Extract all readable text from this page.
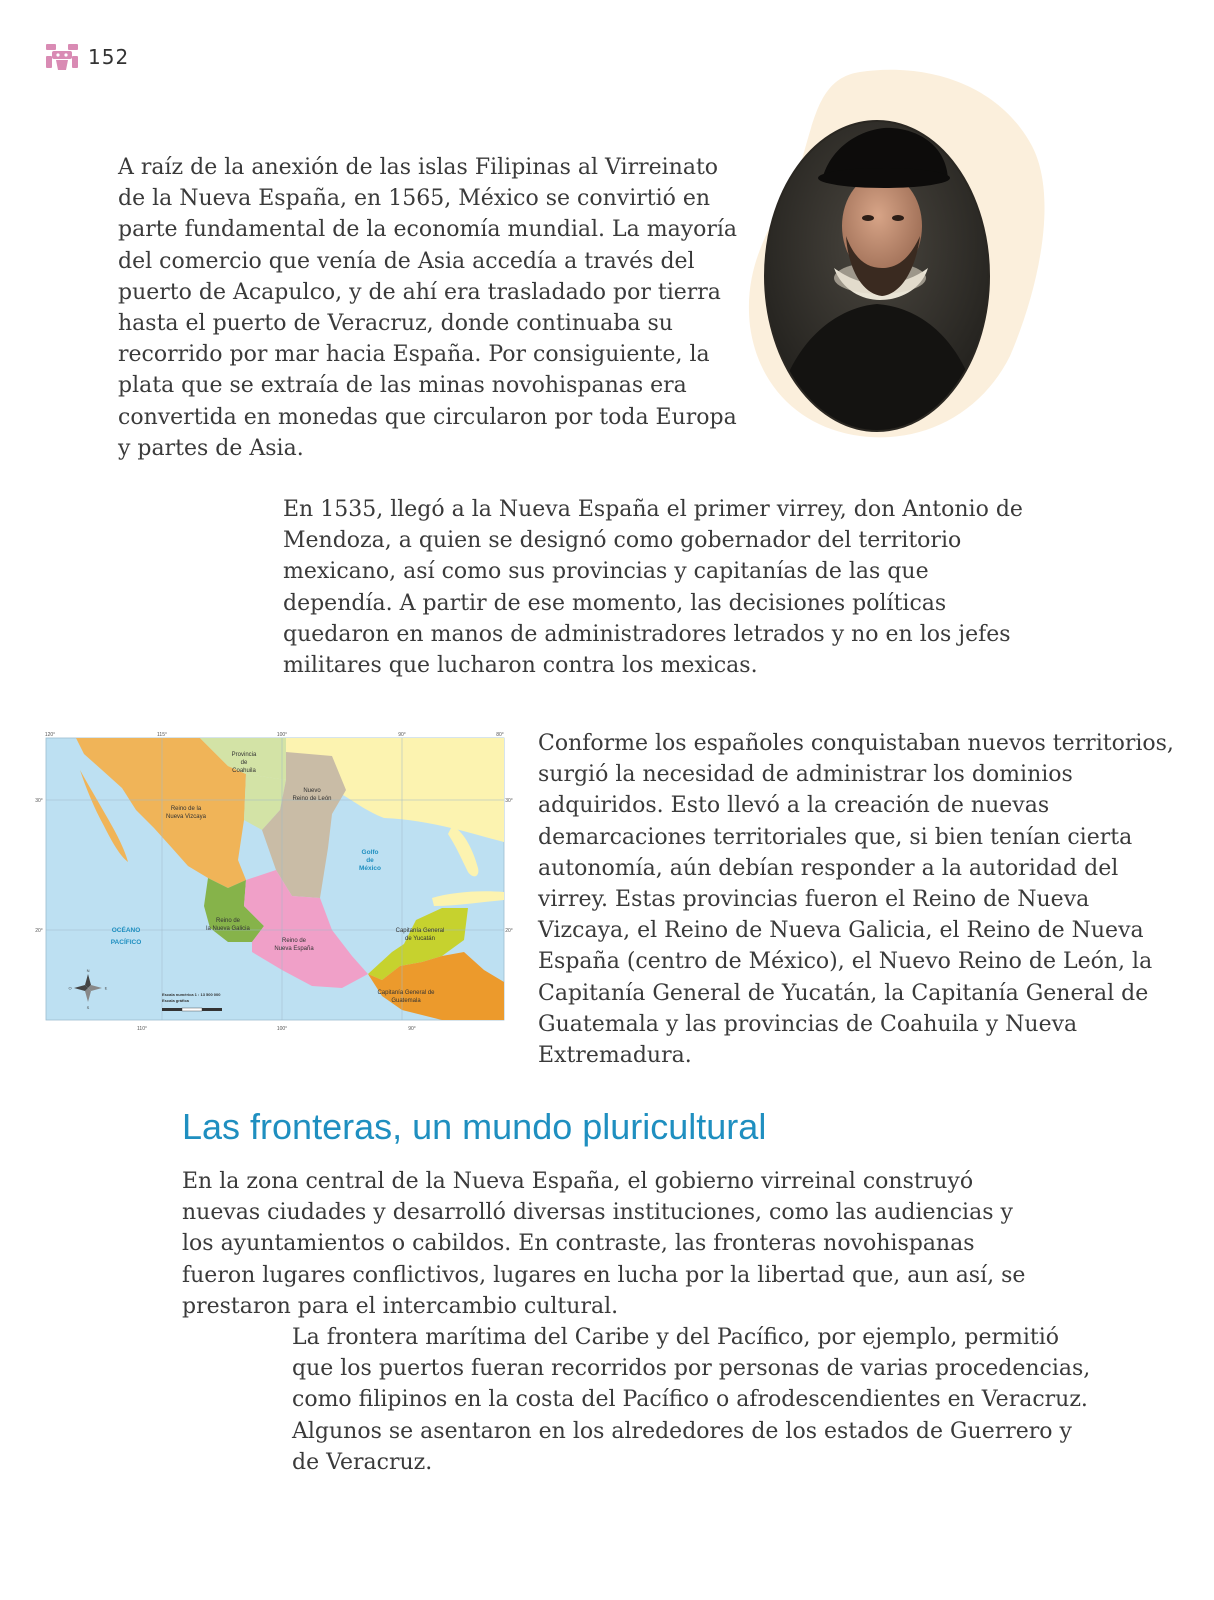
152

A raíz de la anexión de las islas Filipinas al Virreinato de la Nueva España, en 1565, México se convirtió en parte fundamental de la economía mundial. La mayoría del comercio que venía de Asia accedía a través del puerto de Acapulco, y de ahí era trasladado por tierra hasta el puerto de Veracruz, donde continuaba su recorrido por mar hacia España. Por consiguiente, la plata que se extraía de las minas novohispanas era convertida en monedas que circularon por toda Europa y partes de Asia.

En 1535, llegó a la Nueva España el primer virrey, don Antonio de Mendoza, a quien se designó como gobernador del territorio mexicano, así como sus provincias y capitanías de las que dependía. A partir de ese momento, las decisiones políticas quedaron en manos de administradores letrados y no en los jefes militares que lucharon contra los mexicas.

Provincia
de
Coahuila
Nuevo
Reino de León
Reino de la
Nueva Vizcaya
Reino de
la Nueva Galicia
Reino de
Nueva España
Capitanía General
de Yucatán
Capitanía General de
Guatemala
Golfo
de
México
OCÉANO
PACÍFICO
N
S
E
O
Escala numérica 1 : 13 500 000
Escala gráfica
120°	115°	100°	90°	80°
110°	100°	90°
30°
20°
30°
20°

Conforme los españoles conquistaban nuevos territorios, surgió la necesidad de administrar los dominios adquiridos. Esto llevó a la creación de nuevas demarcaciones territoriales que, si bien tenían cierta autonomía, aún debían responder a la autoridad del virrey. Estas provincias fueron el Reino de Nueva Vizcaya, el Reino de Nueva Galicia, el Reino de Nueva España (centro de México), el Nuevo Reino de León, la Capitanía General de Yucatán, la Capitanía General de Guatemala y las provincias de Coahuila y Nueva Extremadura.

Las fronteras, un mundo pluricultural

En la zona central de la Nueva España, el gobierno virreinal construyó nuevas ciudades y desarrolló diversas instituciones, como las audiencias y los ayuntamientos o cabildos. En contraste, las fronteras novohispanas fueron lugares conflictivos, lugares en lucha por la libertad que, aun así, se prestaron para el intercambio cultural.

La frontera marítima del Caribe y del Pacífico, por ejemplo, permitió que los puertos fueran recorridos por personas de varias procedencias, como filipinos en la costa del Pacífico o afrodescendientes en Veracruz. Algunos se asentaron en los alrededores de los estados de Guerrero y de Veracruz.
